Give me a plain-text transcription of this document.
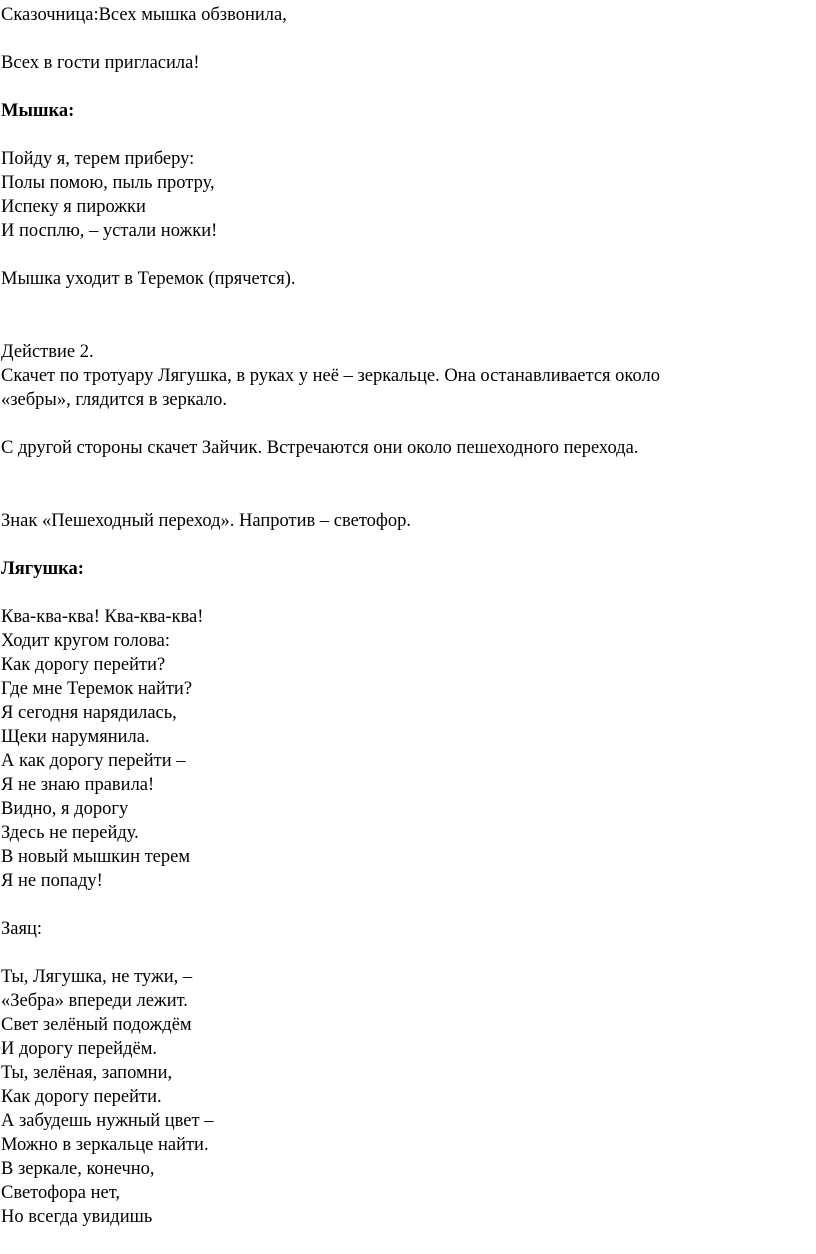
Сказочница:Всех мышка обзвонила,
Всех в гости пригласила!
Мышка:
Пойду я, терем приберу:
Полы помою, пыль протру,
Испеку я пирожки
И посплю, – устали ножки!
Мышка уходит в Теремок (прячется).
Действие 2.
Скачет по тротуару Лягушка, в руках у неё – зеркальце. Она останавливается около
«зебры», глядится в зеркало.
С другой стороны скачет Зайчик. Встречаются они около пешеходного перехода.
Знак «Пешеходный переход». Напротив – светофор.
Лягушка:
Ква-ква-ква! Ква-ква-ква!
Ходит кругом голова:
Как дорогу перейти?
Где мне Теремок найти?
Я сегодня нарядилась,
Щеки нарумянила.
А как дорогу перейти –
Я не знаю правила!
Видно, я дорогу
Здесь не перейду.
В новый мышкин терем
Я не попаду!
Заяц:
Ты, Лягушка, не тужи, –
«Зебра» впереди лежит.
Свет зелёный подождём
И дорогу перейдём.
Ты, зелёная, запомни,
Как дорогу перейти.
А забудешь нужный цвет –
Можно в зеркальце найти.
В зеркале, конечно,
Светофора нет,
Но всегда увидишь
